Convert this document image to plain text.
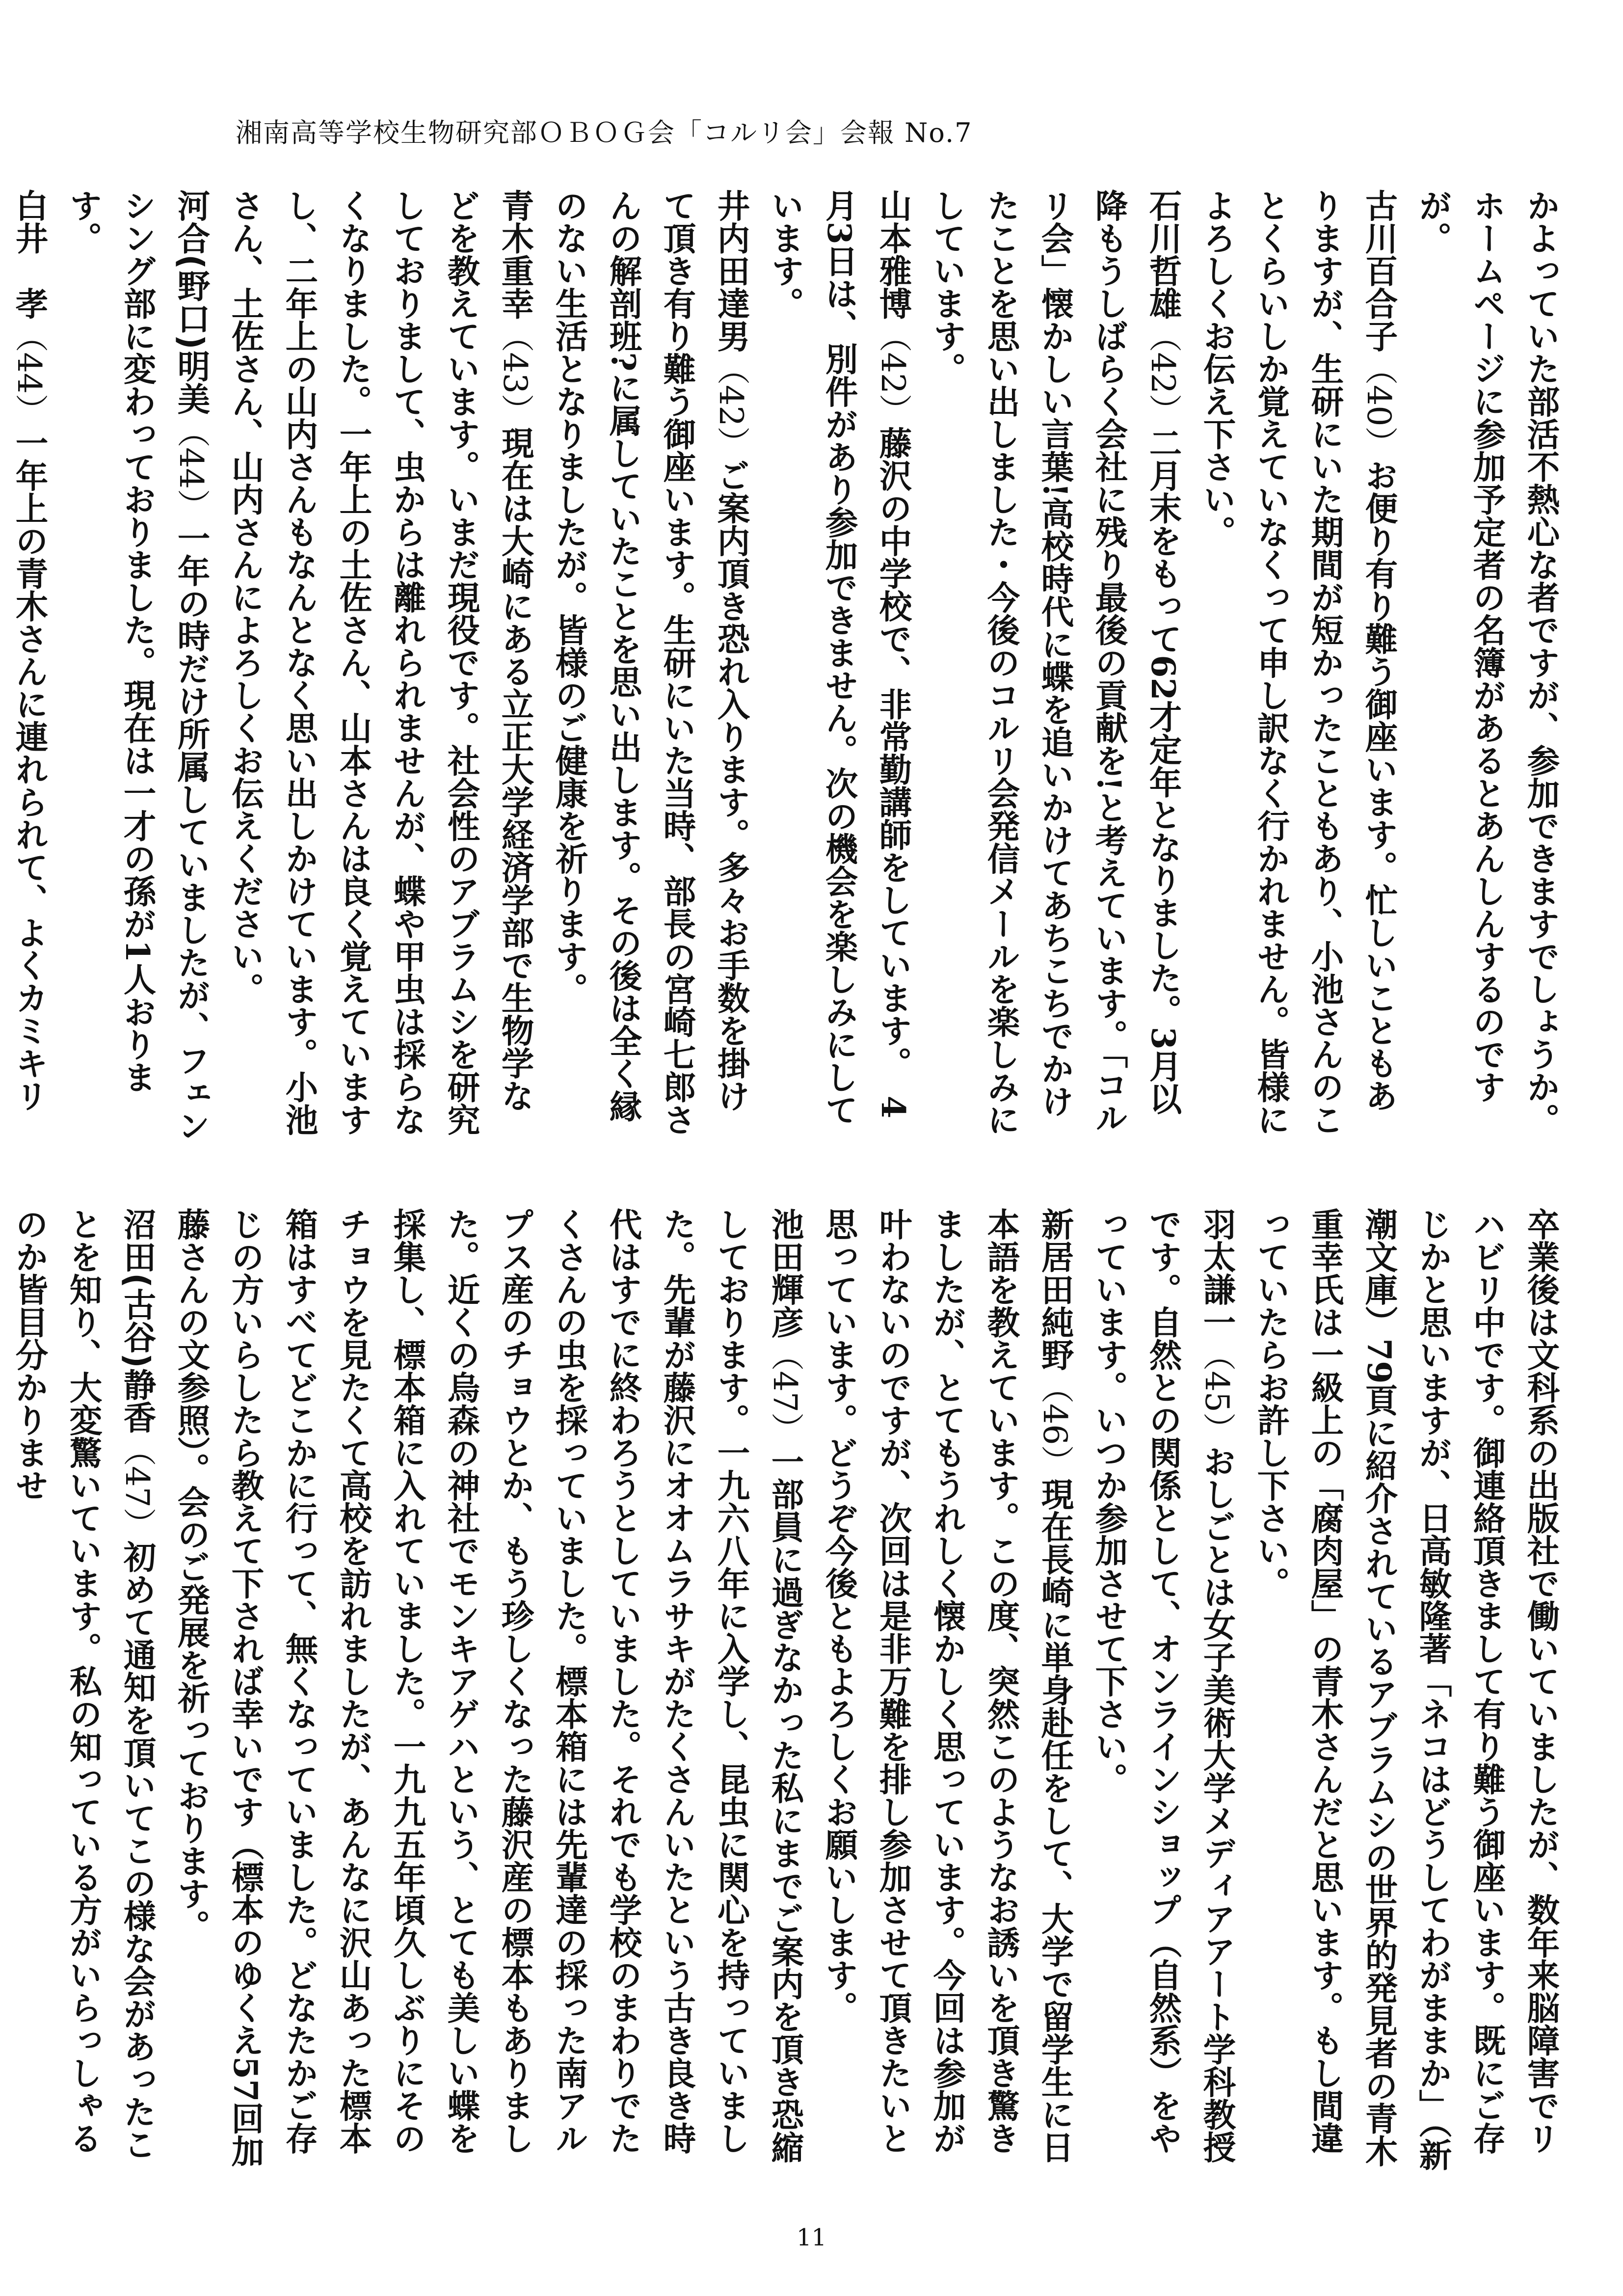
湘南高等学校生物研究部ＯＢＯＧ会「コルリ会」会報 No.7

かよっていた部活不熱心な者ですが、参加できますでしょうか。ホームページに参加予定者の名簿があるとあんしんするのですが。

古川百合子（40）お便り有り難う御座います。忙しいこともありますが、生研にいた期間が短かったこともあり、小池さんのことくらいしか覚えていなくって申し訳なく行かれません。皆様によろしくお伝え下さい。

石川哲雄（42）二月末をもって62才定年となりました。3月以降もうしばらく会社に残り最後の貢献を!と考えています。「コルリ会」懐かしい言葉!高校時代に蝶を追いかけてあちこちでかけたことを思い出しました・今後のコルリ会発信メールを楽しみにしています。

山本雅博（42）藤沢の中学校で、非常勤講師をしています。　4月3日は、別件があり参加できません。次の機会を楽しみにしています。

井内田達男（42）ご案内頂き恐れ入ります。多々お手数を掛けて頂き有り難う御座います。生研にいた当時、部長の宮崎七郎さんの解剖班?に属していたことを思い出します。その後は全く縁のない生活となりましたが。皆様のご健康を祈ります。

青木重幸（43）現在は大崎にある立正大学経済学部で生物学などを教えています。いまだ現役です。社会性のアブラムシを研究しておりまして、虫からは離れられませんが、蝶や甲虫は採らなくなりました。一年上の土佐さん、山本さんは良く覚えていますし、二年上の山内さんもなんとなく思い出しかけています。小池さん、土佐さん、山内さんによろしくお伝えください。

河合(野口)明美（44）一年の時だけ所属していましたが、フェンシング部に変わっておりました。現在は一才の孫が1人おります。

白井　孝（44）一年上の青木さんに連れられて、よくカミキリ

卒業後は文科系の出版社で働いていましたが、数年来脳障害でリハビリ中です。御連絡頂きまして有り難う御座います。既にご存じかと思いますが、日高敏隆著「ネコはどうしてわがままか」（新潮文庫）79頁に紹介されているアブラムシの世界的発見者の青木重幸氏は一級上の「腐肉屋」の青木さんだと思います。もし間違っていたらお許し下さい。

羽太謙一（45）おしごとは女子美術大学メディアアート学科教授です。自然との関係として、オンラインショップ（自然系）をやっています。いつか参加させて下さい。

新居田純野（46）現在長崎に単身赴任をして、大学で留学生に日本語を教えています。この度、突然このようなお誘いを頂き驚きましたが、とてもうれしく懐かしく思っています。今回は参加が叶わないのですが、次回は是非万難を排し参加させて頂きたいと思っています。どうぞ今後ともよろしくお願いします。

池田輝彦（47）一部員に過ぎなかった私にまでご案内を頂き恐縮しております。一九六八年に入学し、昆虫に関心を持っていました。先輩が藤沢にオオムラサキがたくさんいたという古き良き時代はすでに終わろうとしていました。それでも学校のまわりでたくさんの虫を採っていました。標本箱には先輩達の採った南アルプス産のチョウとか、もう珍しくなった藤沢産の標本もありました。近くの烏森の神社でモンキアゲハという、とても美しい蝶を採集し、標本箱に入れていました。一九九五年頃久しぶりにそのチョウを見たくて高校を訪れましたが、あんなに沢山あった標本箱はすべてどこかに行って、無くなっていました。どなたかご存じの方いらしたら教えて下されば幸いです（標本のゆくえ57回加藤さんの文参照）。会のご発展を祈っております。

沼田(古谷)静香（47）初めて通知を頂いてこの様な会があったことを知り、大変驚いています。私の知っている方がいらっしゃるのか皆目分かりませ

11
